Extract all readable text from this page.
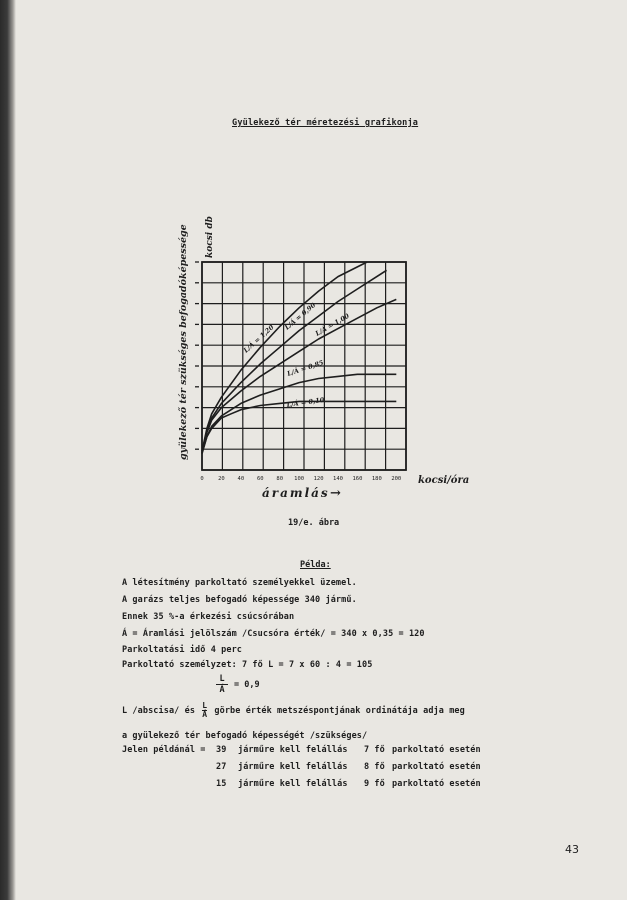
Gyülekező tér méretezési grafikonja
L/Á = 1,20
L/Á = 0,90
L/Á = 1,00
L/Á = 0,85
L/Á = 0,10
0	20 40 60 80 100 120 140 160 180 200 kocsi/óra
áramlás →
gyülekező tér szükséges befogadóképessége kocsi db
19/e. ábra
Példa:
A létesítmény parkoltató személyekkel üzemel.
A garázs teljes befogadó képessége 340 jármű.
Ennek 35 %-a érkezési csúcsórában
Á = Áramlási jelölszám /Csucsóra érték/ = 340 x 0,35 = 120
Parkoltatási idő 4 perc
Parkoltató személyzet: 7 fő L = 7 x 60 : 4 = 105
$\frac{L}{Á} = 0,9$
L /abscisa/ és $\frac{L}{Á}$ görbe érték metszéspontjának ordinátája adja meg
a gyülekező tér befogadó képességét /szükséges/
Jelen példánál = 39 járműre kell felállás 7 fő parkoltató esetén
27 járműre kell felállás 8 fő parkoltató esetén
15 járműre kell felállás 9 fő parkoltató esetén
43
